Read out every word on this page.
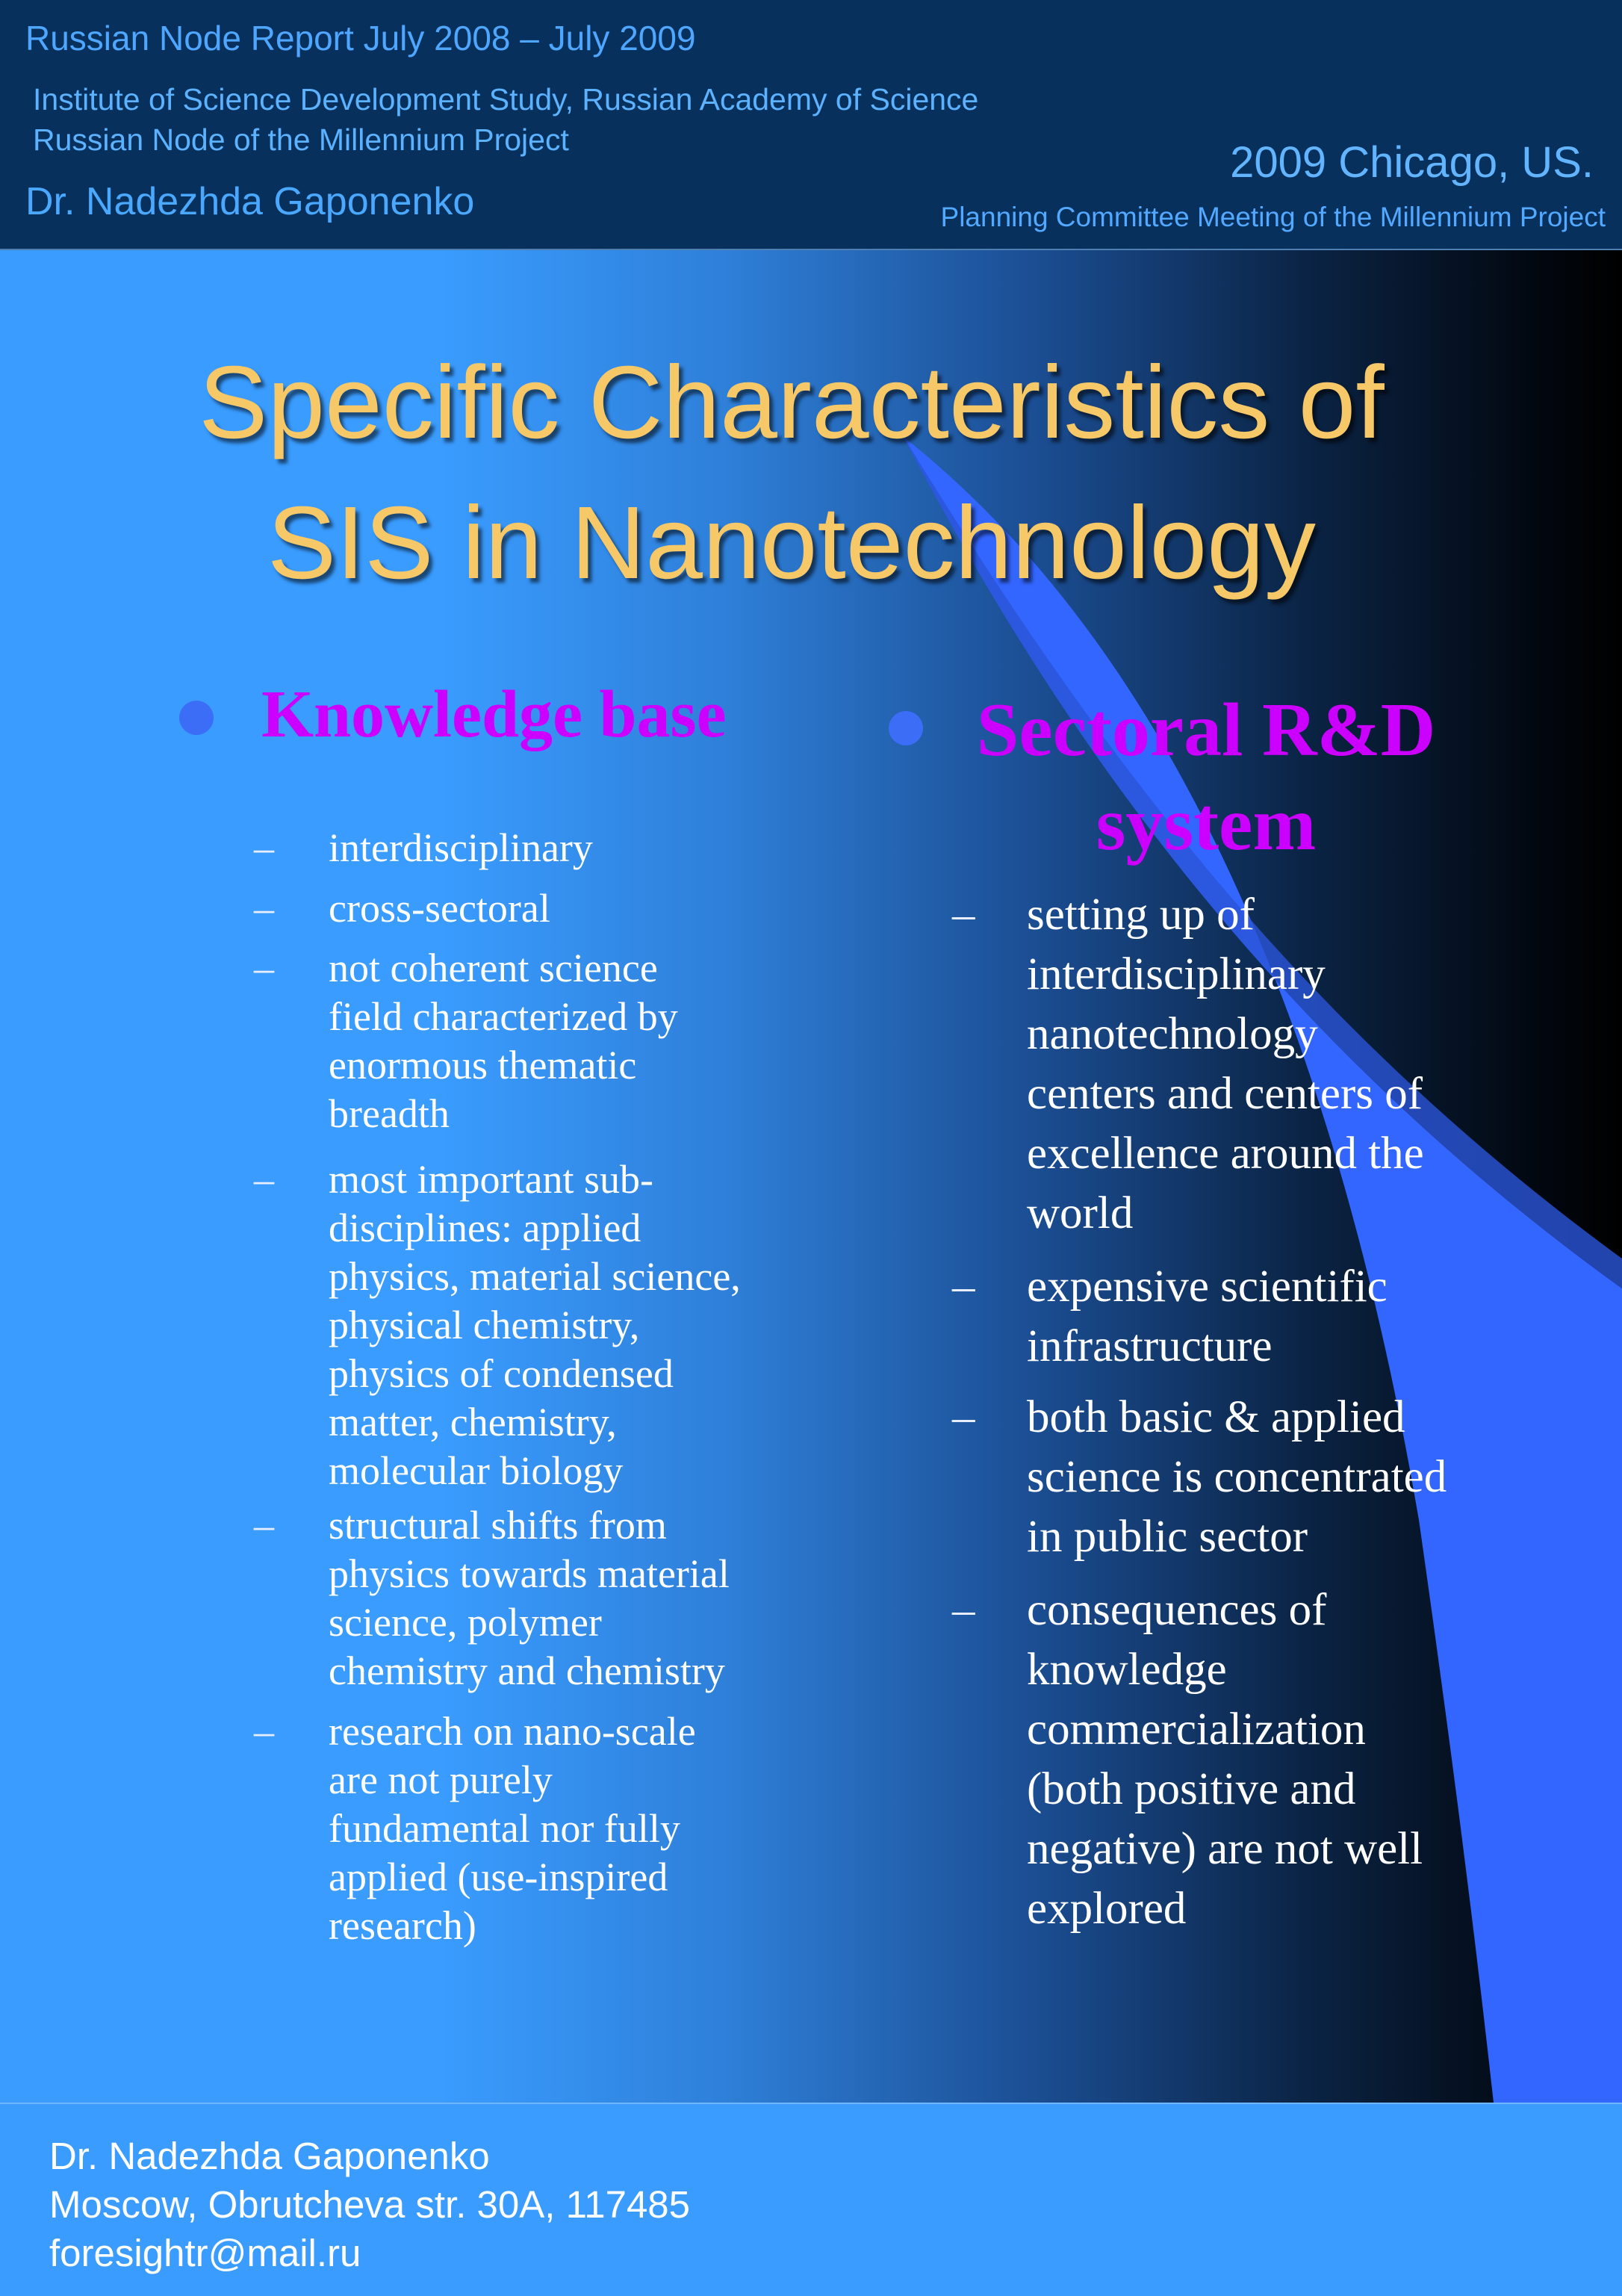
Russian Node Report July 2008 – July 2009
Institute of Science Development Study, Russian Academy of Science
Russian Node of the Millennium Project
Dr. Nadezhda Gaponenko
2009 Chicago, US.
Planning Committee Meeting of the Millennium Project
Specific Characteristics of
SIS in Nanotechnology
Knowledge base	Sectoral R&D
system
– interdisciplinary
– cross-sectoral
– not coherent science
field characterized by
enormous thematic
breadth
– most important sub-
disciplines: applied
physics, material science,
physical chemistry,
physics of condensed
matter, chemistry,
molecular biology
– structural shifts from
physics towards material
science, polymer
chemistry and chemistry
– research on nano-scale
are not purely
fundamental nor fully
applied (use-inspired
research)
– setting up of
interdisciplinary
nanotechnology
centers and centers of
excellence around the
world
– expensive scientific
infrastructure
– both basic & applied
science is concentrated
in public sector
– consequences of
knowledge
commercialization
(both positive and
negative) are not well
explored
Dr. Nadezhda Gaponenko
Moscow, Obrutcheva str. 30A, 117485
foresightr@mail.ru
